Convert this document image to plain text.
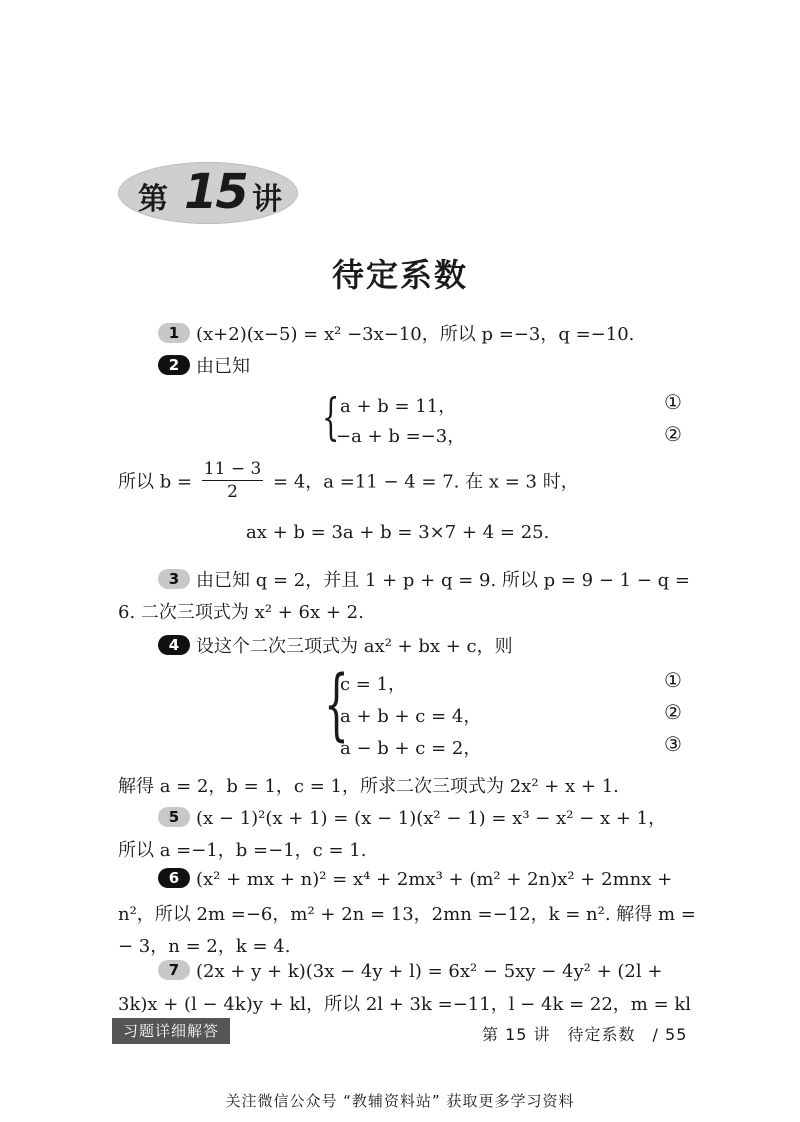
第 15 讲
待定系数
1 (x+2)(x−5) = x² −3x−10，所以 p =−3，q =−10.
2 由已知
{ a + b = 11，
−a + b =−3，
①
②
所以 $b = \frac{11 - 3}{2} = 4$，a =11 − 4 = 7. 在 x = 3 时，
ax + b = 3a + b = 3×7 + 4 = 25.
3 由已知 q = 2，并且 1 + p + q = 9. 所以 p = 9 − 1 − q =
6. 二次三项式为 x² + 6x + 2.
4 设这个二次三项式为 ax² + bx + c，则
{
c = 1，
a + b + c = 4，
a − b + c = 2，
①
②
③
解得 a = 2，b = 1，c = 1，所求二次三项式为 2x² + x + 1.
5 (x − 1)²(x + 1) = (x − 1)(x² − 1) = x³ − x² − x + 1，
所以 a =−1，b =−1，c = 1.
6 (x² + mx + n)² = x⁴ + 2mx³ + (m² + 2n)x² + 2mnx +
n²，所以 2m =−6，m² + 2n = 13，2mn =−12，k = n². 解得 m =
− 3，n = 2，k = 4.
7 (2x + y + k)(3x − 4y + l) = 6x² − 5xy − 4y² + (2l +
3k)x + (l − 4k)y + kl，所以 2l + 3k =−11，l − 4k = 22，m = kl
习题详细解答	第 15 讲　待定系数　/ 55
关注微信公众号 “教辅资料站” 获取更多学习资料
